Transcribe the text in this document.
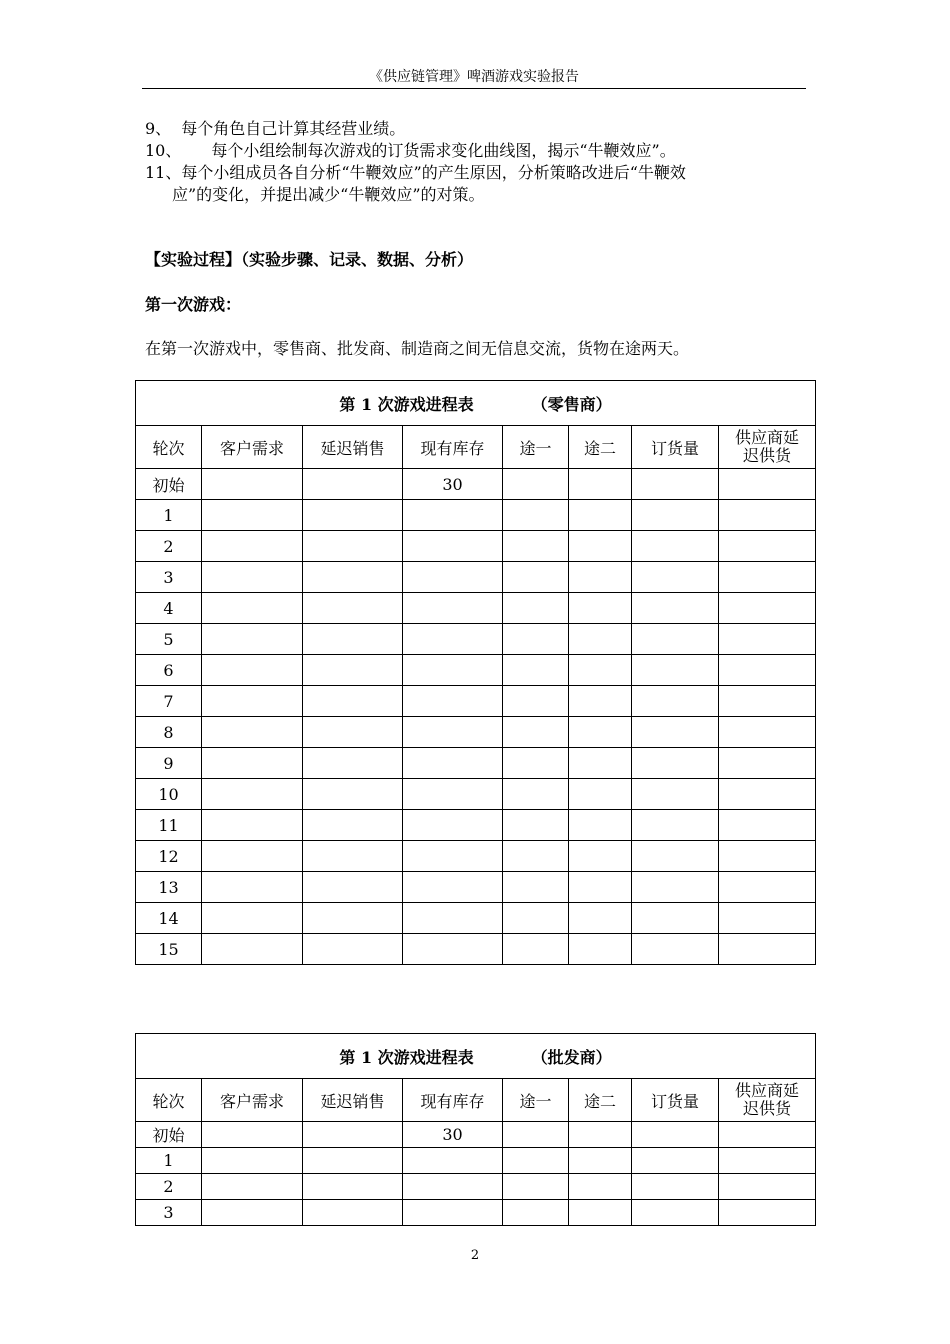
《供应链管理》啤酒游戏实验报告
9、 每个角色自己计算其经营业绩。
10、 每个小组绘制每次游戏的订货需求变化曲线图，揭示“牛鞭效应”。
11、每个小组成员各自分析“牛鞭效应”的产生原因，分析策略改进后“牛鞭效
应”的变化，并提出减少“牛鞭效应”的对策。
【实验过程】（实验步骤、记录、数据、分析）
第一次游戏：
在第一次游戏中，零售商、批发商、制造商之间无信息交流，货物在途两天。
第 1 次游戏进程表 （零售商）							
轮次	客户需求	延迟销售	现有库存	途一	途二	订货量	供应商延
迟供货
初始			30				
1							
2							
3							
4							
5							
6							
7							
8							
9							
10							
11							
12							
13							
14							
15							
第 1 次游戏进程表 （批发商）							
轮次	客户需求	延迟销售	现有库存	途一	途二	订货量	供应商延
迟供货
初始			30				
1							
2							
3							
2
